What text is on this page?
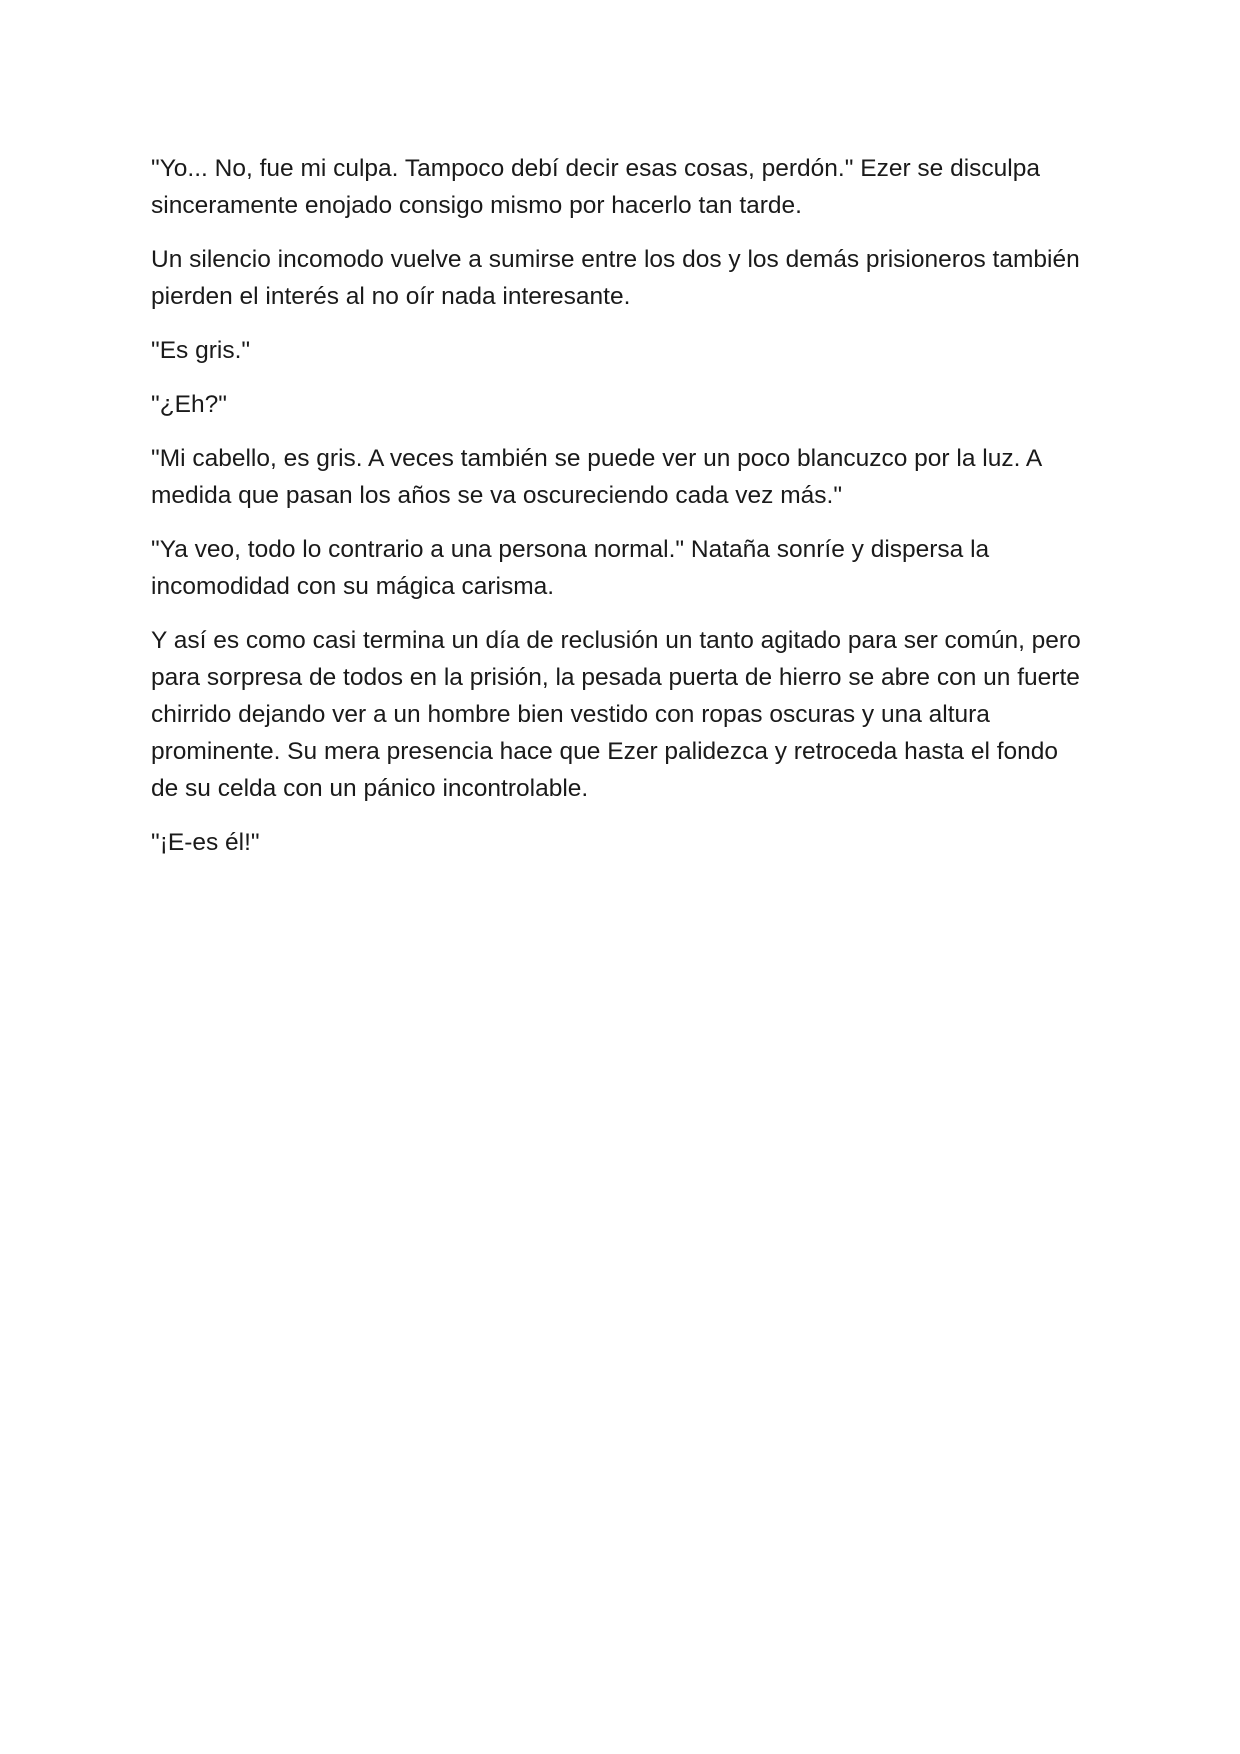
"Yo... No, fue mi culpa. Tampoco debí decir esas cosas, perdón." Ezer se disculpa sinceramente enojado consigo mismo por hacerlo tan tarde.

Un silencio incomodo vuelve a sumirse entre los dos y los demás prisioneros también pierden el interés al no oír nada interesante.

"Es gris."

"¿Eh?"

"Mi cabello, es gris. A veces también se puede ver un poco blancuzco por la luz. A medida que pasan los años se va oscureciendo cada vez más."

"Ya veo, todo lo contrario a una persona normal." Nataña sonríe y dispersa la incomodidad con su mágica carisma.

Y así es como casi termina un día de reclusión un tanto agitado para ser común, pero para sorpresa de todos en la prisión, la pesada puerta de hierro se abre con un fuerte chirrido dejando ver a un hombre bien vestido con ropas oscuras y una altura prominente. Su mera presencia hace que Ezer palidezca y retroceda hasta el fondo de su celda con un pánico incontrolable.

"¡E-es él!"
